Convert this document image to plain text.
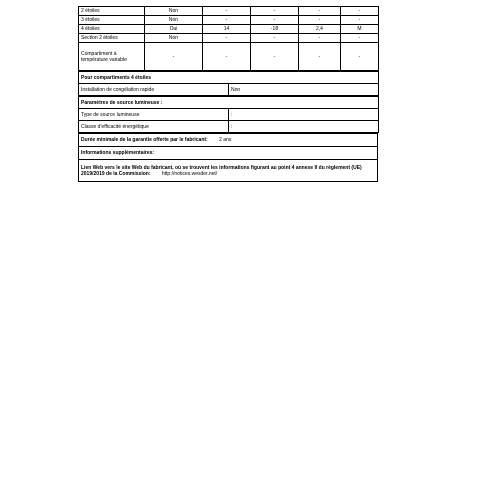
2 étoiles	Non	-	-	-	-
3 étoiles	Non	-	-	-	-
4 étoiles	Oui	14	-18	2,4	M
Section 2 étoiles	Non	-	-	-	-
Compartiment à température variable	-	-	-	-	-
Pour compartiments 4 étoiles
Installation de congélation rapide	Non
Paramètres de source lumineuse :	
Type de source lumineuse	:
Classe d'efficacité énergétique	:
Durée minimale de la garantie offerte par le fabricant: 2 ans
Informations supplémentaires:
Lien Web vers le site Web du fabricant, où se trouvent les informations figurant au point 4 annexe II du règlement (UE) 2019/2019 de la Commission: http://notices.wesder.net/
